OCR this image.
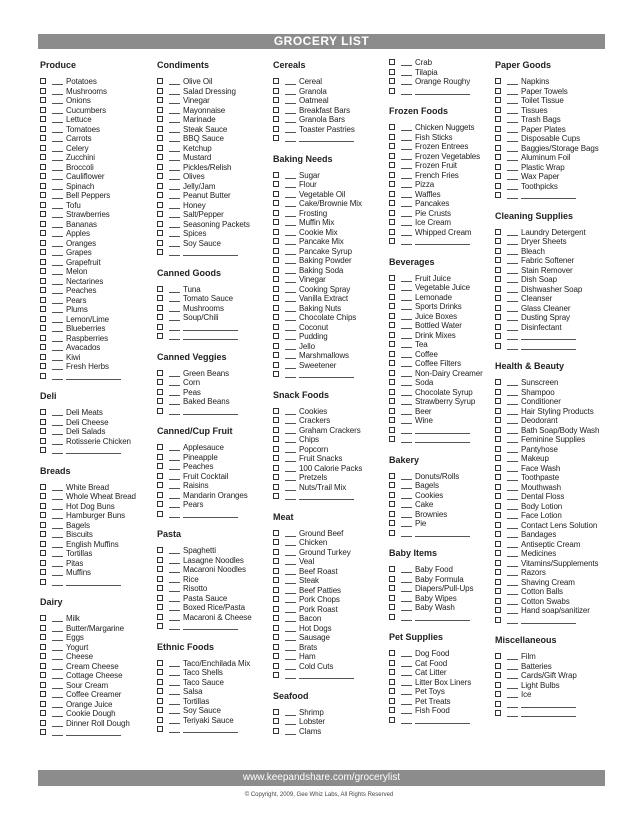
GROCERY LIST
Produce
Potatoes
Mushrooms
Onions
Cucumbers
Lettuce
Tomatoes
Carrots
Celery
Zucchini
Broccoli
Cauliflower
Spinach
Bell Peppers
Tofu
Strawberries
Bananas
Apples
Oranges
Grapes
Grapefruit
Melon
Nectarines
Peaches
Pears
Plums
Lemon/Lime
Blueberries
Raspberries
Avacados
Kiwi
Fresh Herbs
Deli
Deli Meats
Deli Cheese
Deli Salads
Rotisserie Chicken
Breads
White Bread
Whole Wheat Bread
Hot Dog Buns
Hamburger Buns
Bagels
Biscuits
English Muffins
Tortillas
Pitas
Muffins
Dairy
Milk
Butter/Margarine
Eggs
Yogurt
Cheese
Cream Cheese
Cottage Cheese
Sour Cream
Coffee Creamer
Orange Juice
Cookie Dough
Dinner Roll Dough
Condiments
Olive Oil
Salad Dressing
Vinegar
Mayonnaise
Marinade
Steak Sauce
BBQ Sauce
Ketchup
Mustard
Pickles/Relish
Olives
Jelly/Jam
Peanut Butter
Honey
Salt/Pepper
Seasoning Packets
Spices
Soy Sauce
Canned Goods
Tuna
Tomato Sauce
Mushrooms
Soup/Chili
Canned Veggies
Green Beans
Corn
Peas
Baked Beans
Canned/Cup Fruit
Applesauce
Pineapple
Peaches
Fruit Cocktail
Raisins
Mandarin Oranges
Pears
Pasta
Spaghetti
Lasagne Noodles
Macaroni Noodles
Rice
Risotto
Pasta Sauce
Boxed Rice/Pasta
Macaroni & Cheese
Ethnic Foods
Taco/Enchilada Mix
Taco Shells
Taco Sauce
Salsa
Tortillas
Soy Sauce
Teriyaki Sauce
Cereals
Cereal
Granola
Oatmeal
Breakfast Bars
Granola Bars
Toaster Pastries
Baking Needs
Sugar
Flour
Vegetable Oil
Cake/Brownie Mix
Frosting
Muffin Mix
Cookie Mix
Pancake Mix
Pancake Syrup
Baking Powder
Baking Soda
Vinegar
Cooking Spray
Vanilla Extract
Baking Nuts
Chocolate Chips
Coconut
Pudding
Jello
Marshmallows
Sweetener
Snack Foods
Cookies
Crackers
Graham Crackers
Chips
Popcorn
Fruit Snacks
100 Calorie Packs
Pretzels
Nuts/Trail Mix
Meat
Ground Beef
Chicken
Ground Turkey
Veal
Beef Roast
Steak
Beef Patties
Pork Chops
Pork Roast
Bacon
Hot Dogs
Sausage
Brats
Ham
Cold Cuts
Seafood
Shrimp
Lobster
Clams
Crab
Tilapia
Orange Roughy
Frozen Foods
Chicken Nuggets
Fish Sticks
Frozen Entrees
Frozen Vegetables
Frozen Fruit
French Fries
Pizza
Waffles
Pancakes
Pie Crusts
Ice Cream
Whipped Cream
Beverages
Fruit Juice
Vegetable Juice
Lemonade
Sports Drinks
Juice Boxes
Bottled Water
Drink Mixes
Tea
Coffee
Coffee Filters
Non-Dairy Creamer
Soda
Chocolate Syrup
Strawberry Syrup
Beer
Wine
Bakery
Donuts/Rolls
Bagels
Cookies
Cake
Brownies
Pie
Baby Items
Baby Food
Baby Formula
Diapers/Pull-Ups
Baby Wipes
Baby Wash
Pet Supplies
Dog Food
Cat Food
Cat Litter
Litter Box Liners
Pet Toys
Pet Treats
Fish Food
Paper Goods
Napkins
Paper Towels
Toilet Tissue
Tissues
Trash Bags
Paper Plates
Disposable Cups
Baggies/Storage Bags
Aluminum Foil
Plastic Wrap
Wax Paper
Toothpicks
Cleaning Supplies
Laundry Detergent
Dryer Sheets
Bleach
Fabric Softener
Stain Remover
Dish Soap
Dishwasher Soap
Cleanser
Glass Cleaner
Dusting Spray
Disinfectant
Health & Beauty
Sunscreen
Shampoo
Conditioner
Hair Styling Products
Deodorant
Bath Soap/Body Wash
Feminine Supplies
Pantyhose
Makeup
Face Wash
Toothpaste
Mouthwash
Dental Floss
Body Lotion
Face Lotion
Contact Lens Solution
Bandages
Antiseptic Cream
Medicines
Vitamins/Supplements
Razors
Shaving Cream
Cotton Balls
Cotton Swabs
Hand soap/sanitizer
Miscellaneous
Film
Batteries
Cards/Gift Wrap
Light Bulbs
Ice
www.keepandshare.com/grocerylist
© Copyright, 2009, Gee Whiz Labs, All Rights Reserved
